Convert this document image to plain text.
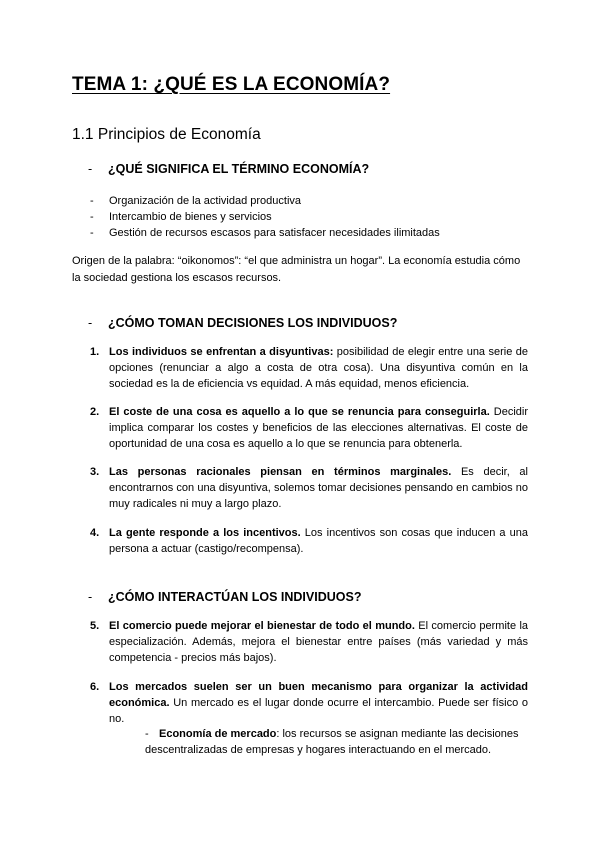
TEMA 1: ¿QUÉ ES LA ECONOMÍA?
1.1 Principios de Economía
- ¿QUÉ SIGNIFICA EL TÉRMINO ECONOMÍA?
- Organización de la actividad productiva
- Intercambio de bienes y servicios
- Gestión de recursos escasos para satisfacer necesidades ilimitadas
Origen de la palabra: “oikonomos”: “el que administra un hogar”. La economía estudia cómo la sociedad gestiona los escasos recursos.
- ¿CÓMO TOMAN DECISIONES LOS INDIVIDUOS?
1. Los individuos se enfrentan a disyuntivas: posibilidad de elegir entre una serie de opciones (renunciar a algo a costa de otra cosa). Una disyuntiva común en la sociedad es la de eficiencia vs equidad. A más equidad, menos eficiencia.
2. El coste de una cosa es aquello a lo que se renuncia para conseguirla. Decidir implica comparar los costes y beneficios de las elecciones alternativas. El coste de oportunidad de una cosa es aquello a lo que se renuncia para obtenerla.
3. Las personas racionales piensan en términos marginales. Es decir, al encontrarnos con una disyuntiva, solemos tomar decisiones pensando en cambios no muy radicales ni muy a largo plazo.
4. La gente responde a los incentivos. Los incentivos son cosas que inducen a una persona a actuar (castigo/recompensa).
- ¿CÓMO INTERACTÚAN LOS INDIVIDUOS?
5. El comercio puede mejorar el bienestar de todo el mundo. El comercio permite la especialización. Además, mejora el bienestar entre países (más variedad y más competencia - precios más bajos).
6. Los mercados suelen ser un buen mecanismo para organizar la actividad económica. Un mercado es el lugar donde ocurre el intercambio. Puede ser físico o no.
- Economía de mercado: los recursos se asignan mediante las decisiones descentralizadas de empresas y hogares interactuando en el mercado.
